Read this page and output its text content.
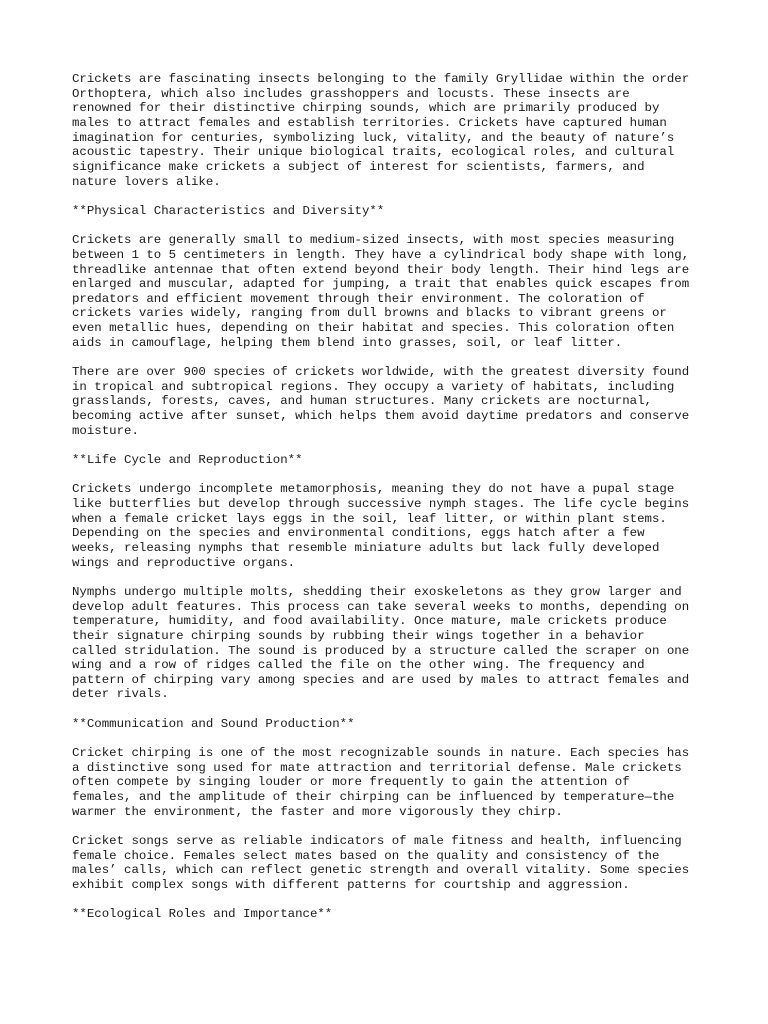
Crickets are fascinating insects belonging to the family Gryllidae within the order
Orthoptera, which also includes grasshoppers and locusts. These insects are
renowned for their distinctive chirping sounds, which are primarily produced by
males to attract females and establish territories. Crickets have captured human
imagination for centuries, symbolizing luck, vitality, and the beauty of nature’s
acoustic tapestry. Their unique biological traits, ecological roles, and cultural
significance make crickets a subject of interest for scientists, farmers, and
nature lovers alike.
**Physical Characteristics and Diversity**
Crickets are generally small to medium-sized insects, with most species measuring
between 1 to 5 centimeters in length. They have a cylindrical body shape with long,
threadlike antennae that often extend beyond their body length. Their hind legs are
enlarged and muscular, adapted for jumping, a trait that enables quick escapes from
predators and efficient movement through their environment. The coloration of
crickets varies widely, ranging from dull browns and blacks to vibrant greens or
even metallic hues, depending on their habitat and species. This coloration often
aids in camouflage, helping them blend into grasses, soil, or leaf litter.
There are over 900 species of crickets worldwide, with the greatest diversity found
in tropical and subtropical regions. They occupy a variety of habitats, including
grasslands, forests, caves, and human structures. Many crickets are nocturnal,
becoming active after sunset, which helps them avoid daytime predators and conserve
moisture.
**Life Cycle and Reproduction**
Crickets undergo incomplete metamorphosis, meaning they do not have a pupal stage
like butterflies but develop through successive nymph stages. The life cycle begins
when a female cricket lays eggs in the soil, leaf litter, or within plant stems.
Depending on the species and environmental conditions, eggs hatch after a few
weeks, releasing nymphs that resemble miniature adults but lack fully developed
wings and reproductive organs.
Nymphs undergo multiple molts, shedding their exoskeletons as they grow larger and
develop adult features. This process can take several weeks to months, depending on
temperature, humidity, and food availability. Once mature, male crickets produce
their signature chirping sounds by rubbing their wings together in a behavior
called stridulation. The sound is produced by a structure called the scraper on one
wing and a row of ridges called the file on the other wing. The frequency and
pattern of chirping vary among species and are used by males to attract females and
deter rivals.
**Communication and Sound Production**
Cricket chirping is one of the most recognizable sounds in nature. Each species has
a distinctive song used for mate attraction and territorial defense. Male crickets
often compete by singing louder or more frequently to gain the attention of
females, and the amplitude of their chirping can be influenced by temperature—the
warmer the environment, the faster and more vigorously they chirp.
Cricket songs serve as reliable indicators of male fitness and health, influencing
female choice. Females select mates based on the quality and consistency of the
males’ calls, which can reflect genetic strength and overall vitality. Some species
exhibit complex songs with different patterns for courtship and aggression.
**Ecological Roles and Importance**
